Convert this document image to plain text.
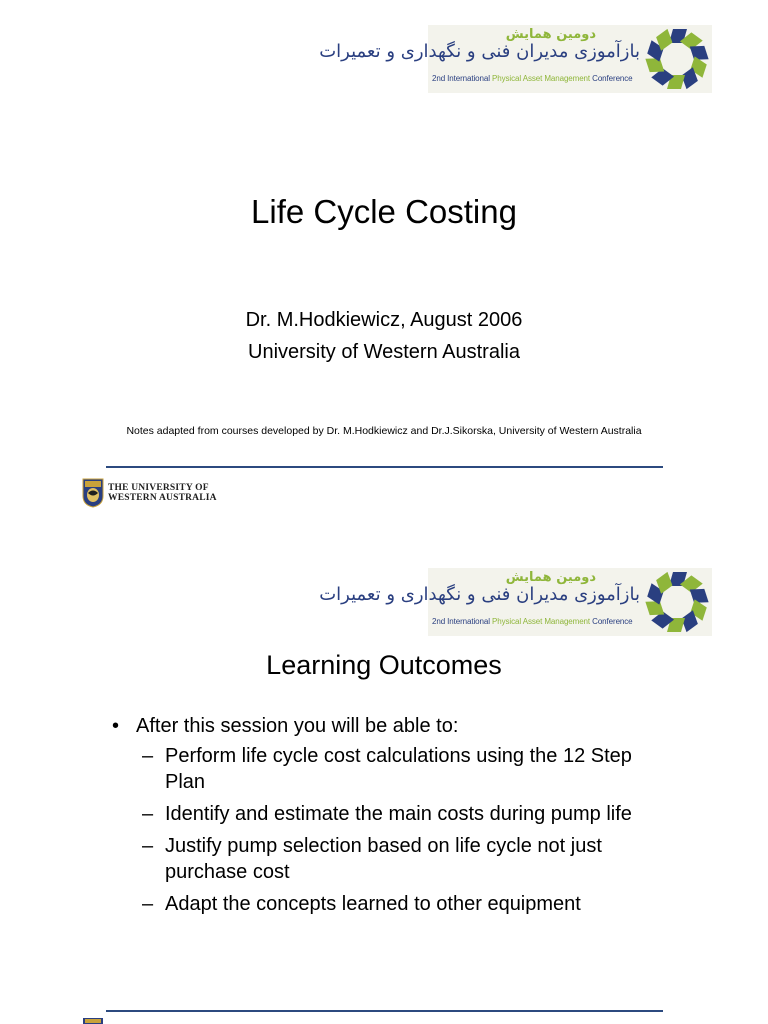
دومین همایش
بازآموزی مدیران فنی و نگهداری و تعمیرات
2nd International Physical Asset Management Conference
Life Cycle Costing
Dr. M.Hodkiewicz, August 2006
University of Western Australia
Notes adapted from courses developed by Dr. M.Hodkiewicz and Dr.J.Sikorska, University of Western Australia
THE UNIVERSITY OF
WESTERN AUSTRALIA
دومین همایش
بازآموزی مدیران فنی و نگهداری و تعمیرات
2nd International Physical Asset Management Conference
Learning Outcomes
• After this session you will be able to:
– Perform life cycle cost calculations using the 12 Step Plan
– Identify and estimate the main costs during pump life
– Justify pump selection based on life cycle not just purchase cost
– Adapt the concepts learned to other equipment
